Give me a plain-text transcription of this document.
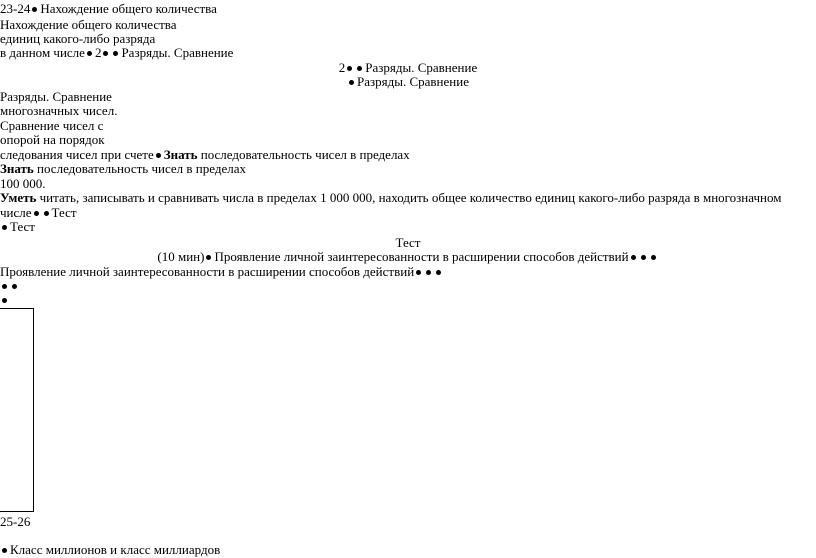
23-24 Нахождение общего количества
Нахождение общего количества
единиц какого-либо разряда
в данном числе 2 Разряды. Сравнение
2 Разряды. Сравнение
Разряды. Сравнение
Разряды. Сравнение
многозначных чисел.
Сравнение чисел с
опорой на порядок
следования чисел при счете Знать последовательность чисел в пределах
Знать последовательность чисел в пределах
100 000.
Уметь читать, записывать и сравнивать числа в пределах 1 000 000, находить общее количество единиц какого-либо разряда в многозначном
числе Тест
Тест
Тест
(10 мин) Проявление личной заинтересованности в расширении способов действий
Проявление личной заинтересованности в расширении способов действий
25-26
Класс миллионов и класс миллиардов
